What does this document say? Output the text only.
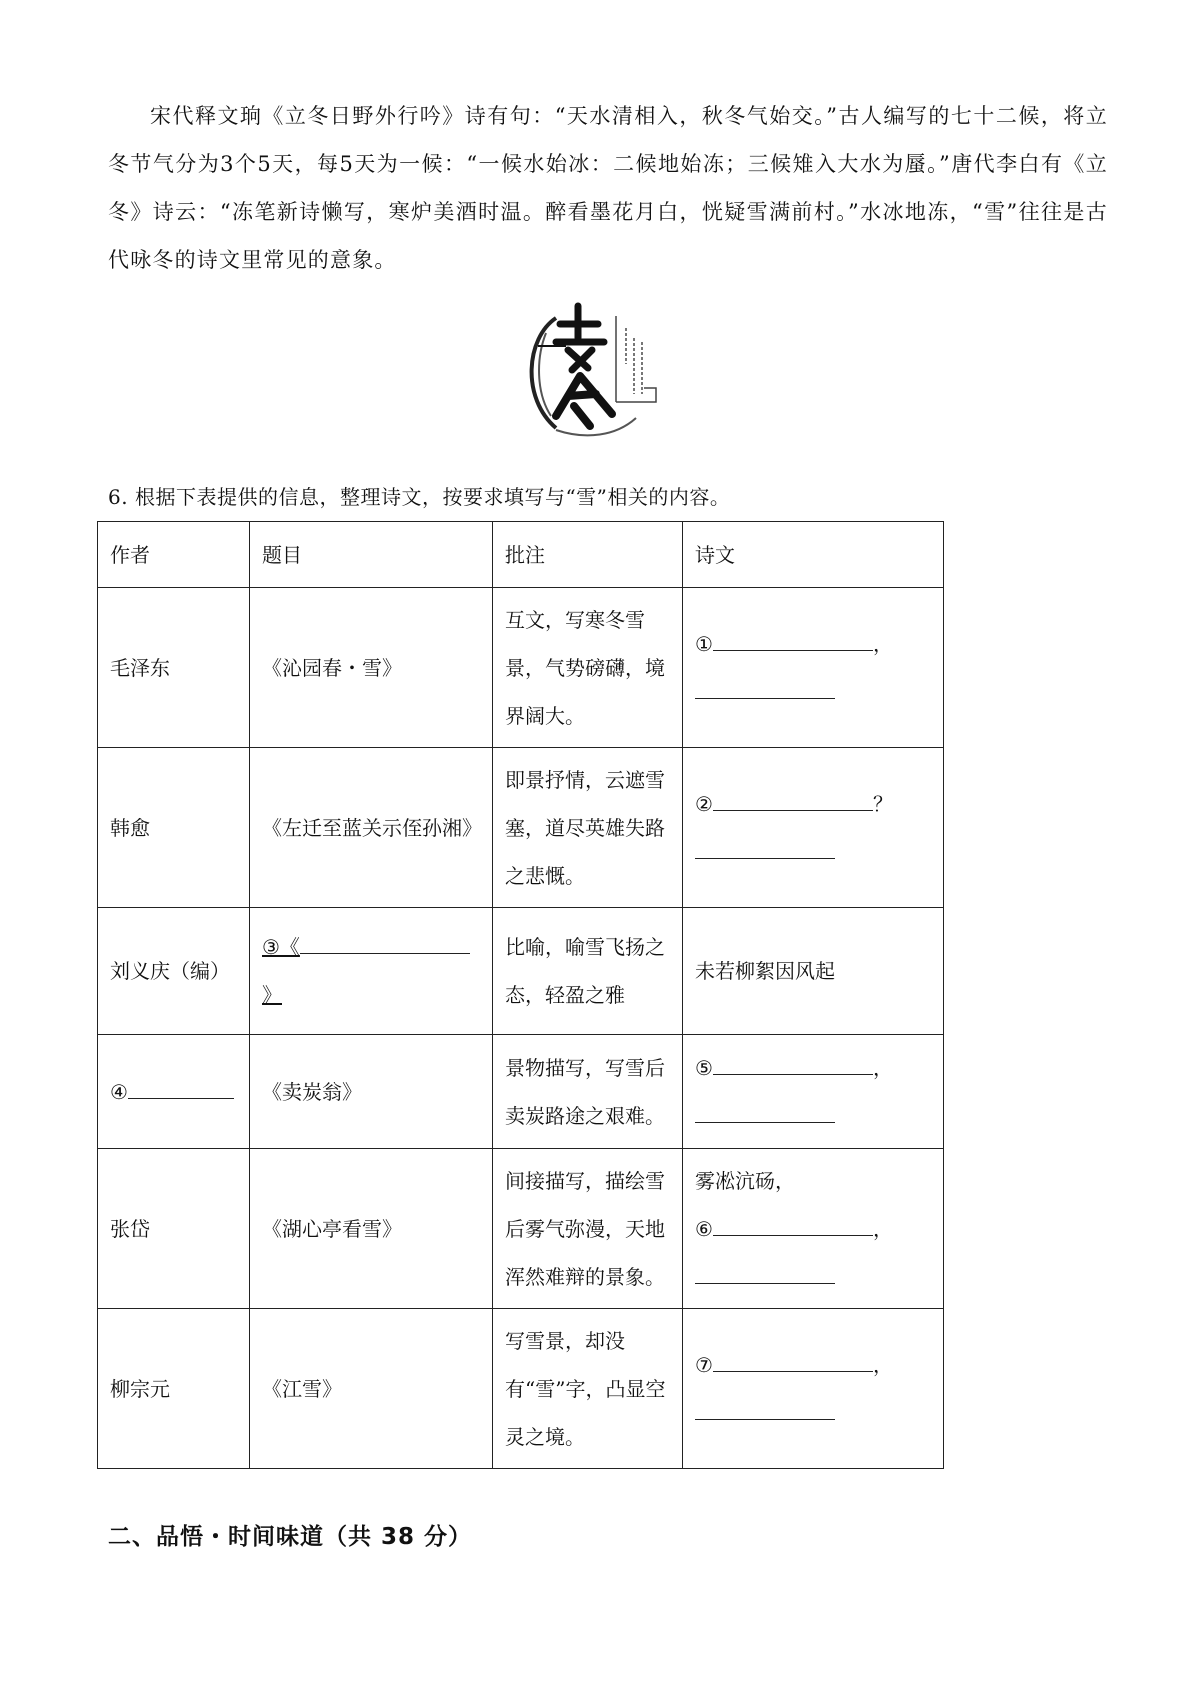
宋代释文珦《立冬日野外行吟》诗有句：“天水清相入，秋冬气始交。”古人编写的七十二候，将立冬节气分为3个5天，每5天为一候：“一候水始冰：二候地始冻；三候雉入大水为蜃。”唐代李白有《立冬》诗云：“冻笔新诗懒写，寒炉美酒时温。醉看墨花月白，恍疑雪满前村。”水冰地冻，“雪”往往是古代咏冬的诗文里常见的意象。

6. 根据下表提供的信息，整理诗文，按要求填写与“雪”相关的内容。

作者	题目	批注	诗文
毛泽东	《沁园春・雪》	互文，写寒冬雪景，气势磅礴，境界阔大。	① ，

韩愈	《左迁至蓝关示侄孙湘》	即景抒情，云遮雪塞，道尽英雄失路之悲慨。	② ？

刘义庆（编）	③《》	比喻，喻雪飞扬之态，轻盈之雅	未若柳絮因风起
④	《卖炭翁》	景物描写，写雪后卖炭路途之艰难。	⑤ ，

张岱	《湖心亭看雪》	间接描写，描绘雪后雾气弥漫，天地浑然难辩的景象。	雾凇沆砀，
⑥ ，

柳宗元	《江雪》	写雪景，却没有“雪”字，凸显空灵之境。	⑦ ，

二、品悟・时间味道（共 38 分）
